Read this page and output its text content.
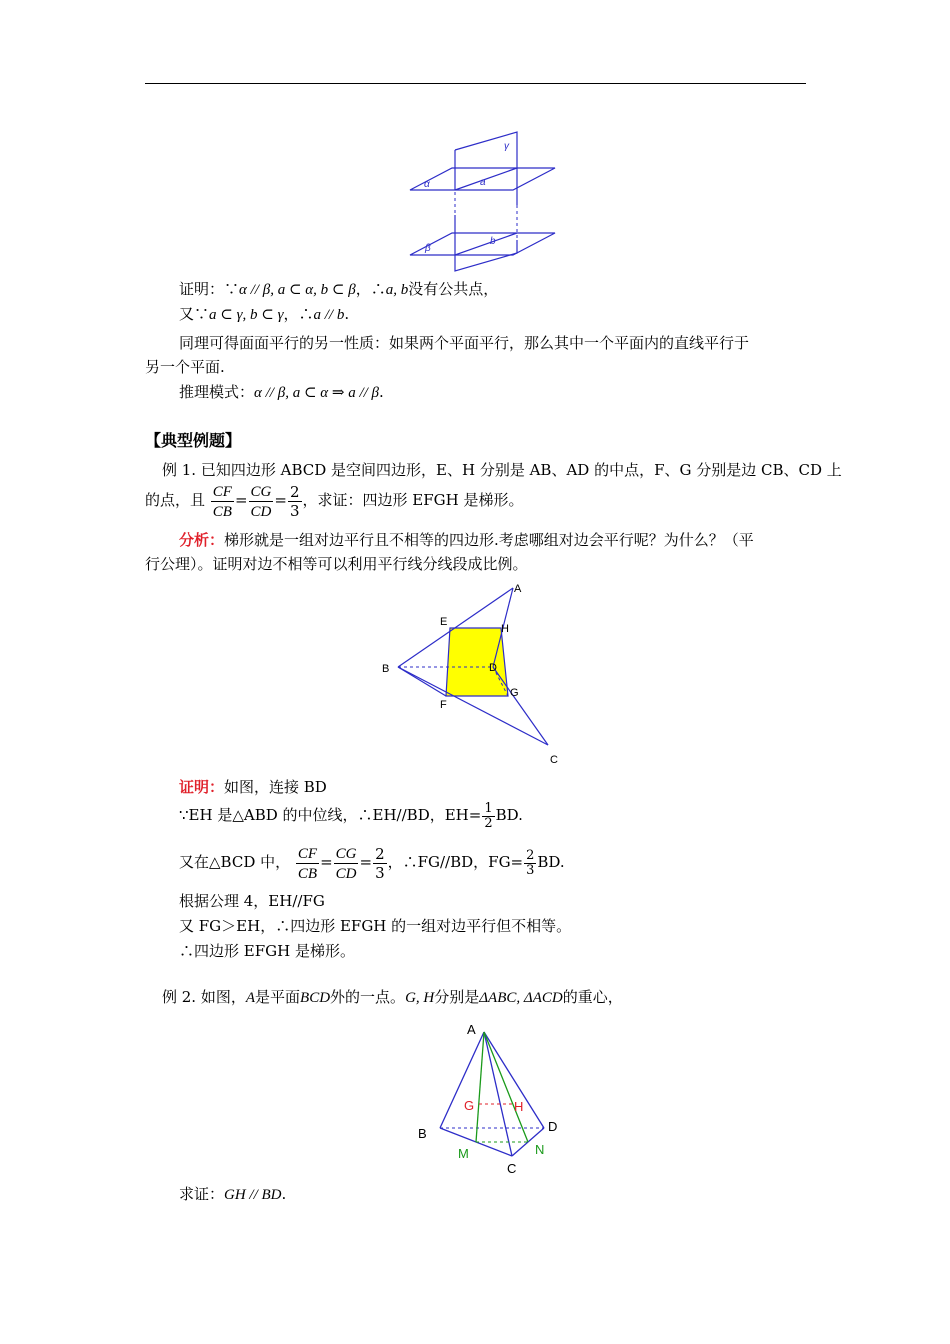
γ
α	a
β
b
证明：∵α // β, a ⊂ α, b ⊂ β，∴a, b没有公共点，
又∵a ⊂ γ, b ⊂ γ，∴a // b.
同理可得面面平行的另一性质：如果两个平面平行，那么其中一个平面内的直线平行于
另一个平面.
推理模式：α // β, a ⊂ α ⇒ a // β.
【典型例题】
例 1. 已知四边形 ABCD 是空间四边形，E、H 分别是 AB、AD 的中点，F、G 分别是边 CB、CD 上
的点，且 $\frac{CF}{CB} = \frac{CG}{CD} = \frac{2}{3}$ ，求证：四边形 EFGH 是梯形。
分析：梯形就是一组对边平行且不相等的四边形.考虑哪组对边会平行呢？为什么？（平
行公理）。证明对边不相等可以利用平行线分线段成比例。
A
E
H
B	D
G
F
C
证明：如图，连接 BD
∵EH 是△ABD 的中位线，∴EH//BD，$EH= \frac{1}{2}$ BD.
又在△BCD 中， $\frac{CF}{CB} = \frac{CG}{CD} = \frac{2}{3}$ ，∴FG//BD，$FG= \frac{2}{3}$ BD.
根据公理 4，EH//FG
又 FG＞EH，∴四边形 EFGH 的一组对边平行但不相等。
∴四边形 EFGH 是梯形。
例 2. 如图，A是平面BCD外的一点。G, H分别是ΔABC, ΔACD的重心，
A
B	D
C
G	H
M	N
求证：GH // BD.
